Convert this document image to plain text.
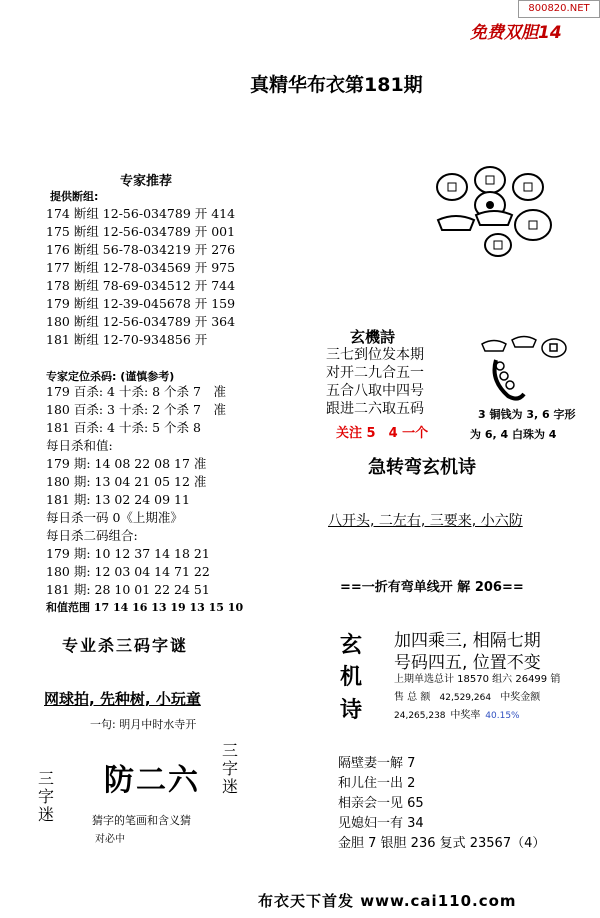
800820.NET
免费双胆14
真精华布衣第181期
专家推荐
提供断组:
174 断组 12-56-034789 开 414
175 断组 12-56-034789 开 001
176 断组 56-78-034219 开 276
177 断组 12-78-034569 开 975
178 断组 78-69-034512 开 744
179 断组 12-39-045678 开 159
180 断组 12-56-034789 开 364
181 断组 12-70-934856 开
专家定位杀码: (谨慎参考)
179 百杀: 4 十杀: 8 个杀 7　准
180 百杀: 3 十杀: 2 个杀 7　准
181 百杀: 4 十杀: 5 个杀 8
每日杀和值:
179 期: 14 08 22 08 17 准
180 期: 13 04 21 05 12 准
181 期: 13 02 24 09 11
每日杀一码 0《上期准》
每日杀二码组合:
179 期: 10 12 37 14 18 21
180 期: 12 03 04 14 71 22
181 期: 28 10 01 22 24 51
和值范围 17 14 16 13 19 13 15 10
专业杀三码字谜
网球拍, 先种树, 小玩童
一句: 明月中时水寺开
防二六
三字迷
三字迷
猜字的笔画和含义猜
对必中
玄機詩
三七到位发本期
对开二九合五一
五合八取中四号
跟进二六取五码
关注 5　4 一个
3 铜钱为 3, 6 字形
为 6, 4 白珠为 4
急转弯玄机诗
八开头, 二左右, 三要来, 小六防
==一折有弯单线开 解 206==
玄
机
诗
加四乘三, 相隔七期
号码四五, 位置不变
上期单选总计 18570 组六 26499 销
售 总 额 42,529,264 中奖金额
24,265,238 中奖率 40.15%
隔壁妻一解 7
和儿住一出 2
相亲会一见 65
见媳妇一有 34
金胆 7 银胆 236 复式 23567（4）
布衣天下首发 www.cai110.com
